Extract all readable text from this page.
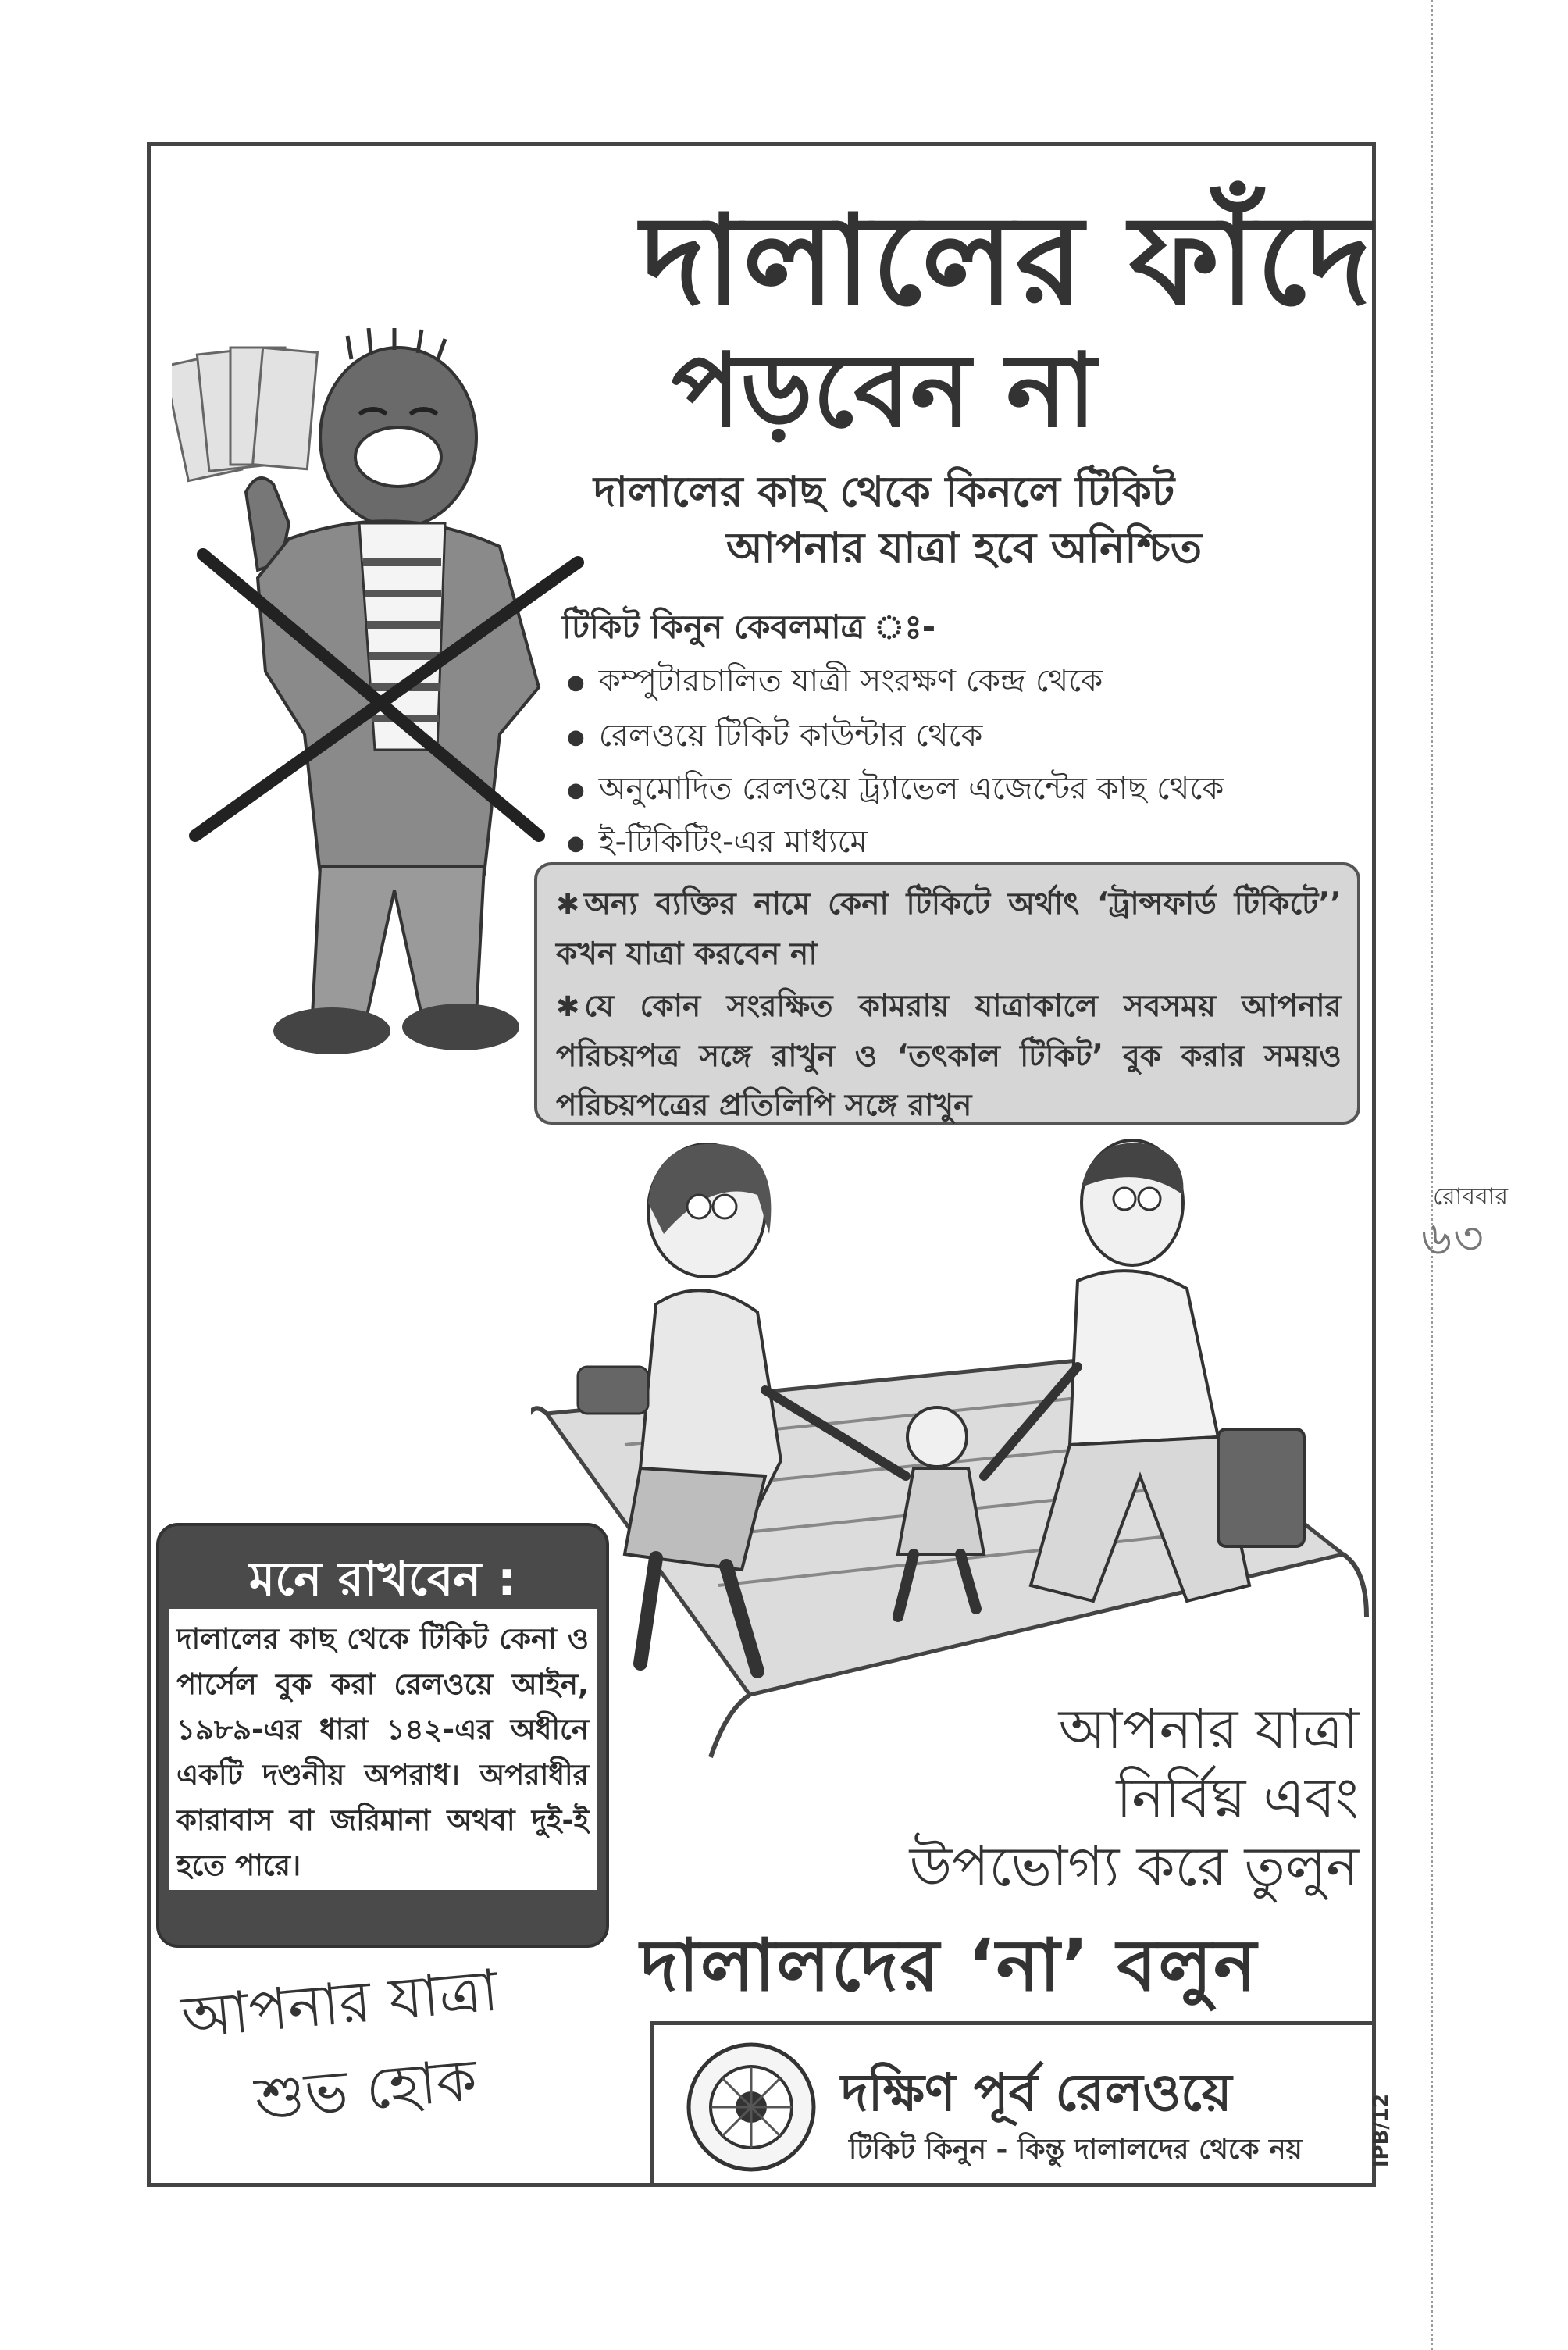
রোববার
৬৩
দালালের ফাঁদে
পড়বেন না
দালালের কাছ থেকে কিনলে টিকিট
আপনার যাত্রা হবে অনিশ্চিত
টিকিট কিনুন কেবলমাত্র ঃ-
● কম্পুটারচালিত যাত্রী সংরক্ষণ কেন্দ্র থেকে
● রেলওয়ে টিকিট কাউন্টার থেকে
● অনুমোদিত রেলওয়ে ট্র্যাভেল এজেন্টের কাছ থেকে
● ই-টিকিটিং-এর মাধ্যমে

✱ অন্য ব্যক্তির নামে কেনা টিকিটে অর্থাৎ ‘ট্রান্সফার্ড টিকিটে’’ কখন যাত্রা করবেন না

✱ যে কোন সংরক্ষিত কামরায় যাত্রাকালে সবসময় আপনার পরিচয়পত্র সঙ্গে রাখুন ও ‘তৎকাল টিকিট’ বুক করার সময়ও পরিচয়পত্রের প্রতিলিপি সঙ্গে রাখুন

মনে রাখবেন :
দালালের কাছ থেকে টিকিট কেনা ও পার্সেল বুক করা রেলওয়ে আইন, ১৯৮৯-এর ধারা ১৪২-এর অধীনে একটি দণ্ডনীয় অপরাধ। অপরাধীর কারাবাস বা জরিমানা অথবা দুই-ই হতে পারে।
আপনার যাত্রা
নির্বিঘ্ন এবং
উপভোগ্য করে তুলুন
দালালদের ‘না’ বলুন
আপনার যাত্রা
শুভ হোক	দক্ষিণ পূর্ব রেলওয়ে
টিকিট কিনুন - কিন্তু দালালদের থেকে নয়	IPB/12
